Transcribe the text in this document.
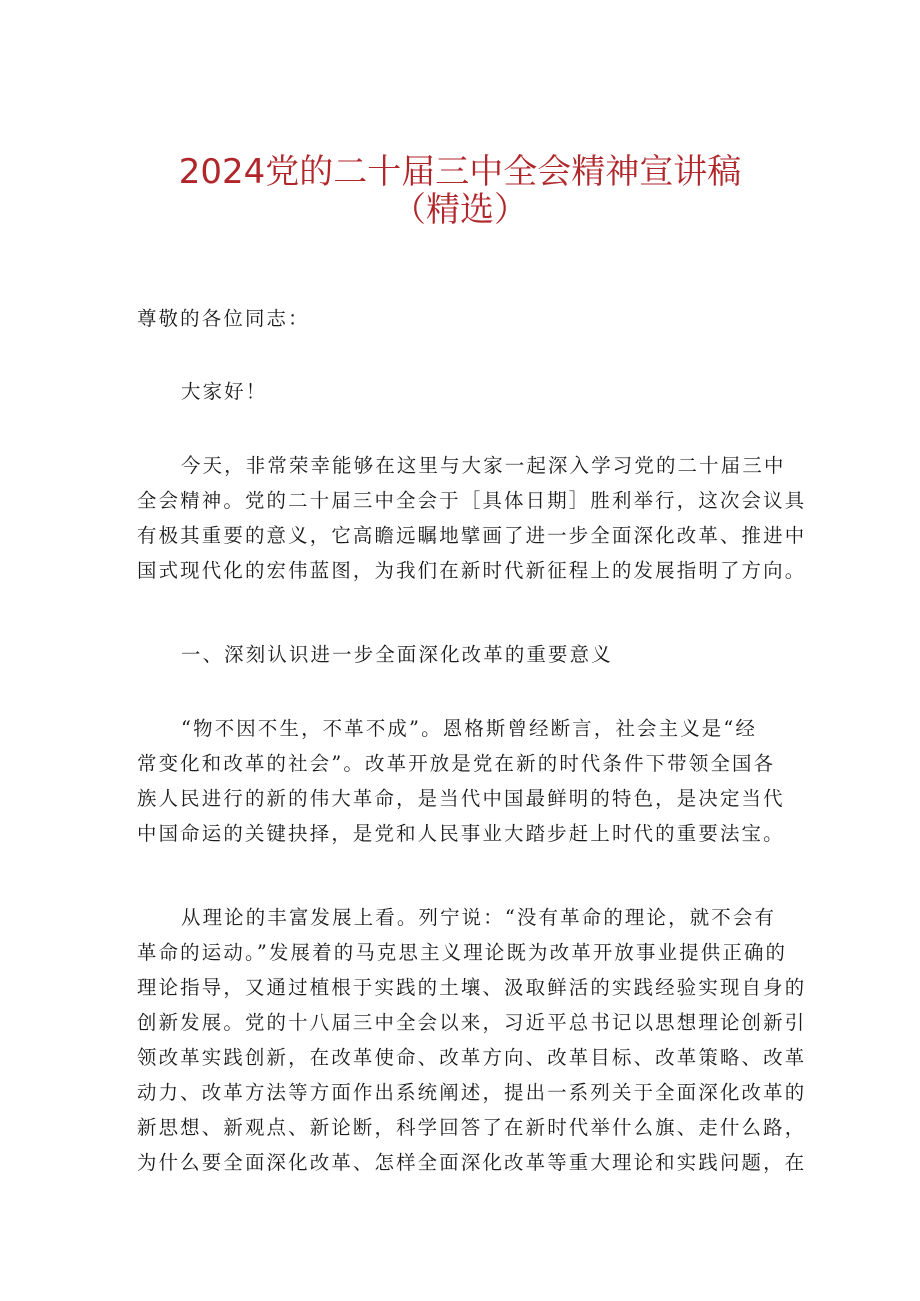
2024党的二十届三中全会精神宣讲稿
（精选）
尊敬的各位同志：
大家好！
今天，非常荣幸能够在这里与大家一起深入学习党的二十届三中
全会精神。党的二十届三中全会于［具体日期］胜利举行，这次会议具
有极其重要的意义，它高瞻远瞩地擘画了进一步全面深化改革、推进中
国式现代化的宏伟蓝图，为我们在新时代新征程上的发展指明了方向。
一、深刻认识进一步全面深化改革的重要意义
“物不因不生，不革不成”。恩格斯曾经断言，社会主义是“经
常变化和改革的社会”。改革开放是党在新的时代条件下带领全国各
族人民进行的新的伟大革命，是当代中国最鲜明的特色，是决定当代
中国命运的关键抉择，是党和人民事业大踏步赶上时代的重要法宝。
从理论的丰富发展上看。列宁说：“没有革命的理论，就不会有
革命的运动。”发展着的马克思主义理论既为改革开放事业提供正确的
理论指导，又通过植根于实践的土壤、汲取鲜活的实践经验实现自身的
创新发展。党的十八届三中全会以来，习近平总书记以思想理论创新引
领改革实践创新，在改革使命、改革方向、改革目标、改革策略、改革
动力、改革方法等方面作出系统阐述，提出一系列关于全面深化改革的
新思想、新观点、新论断，科学回答了在新时代举什么旗、走什么路，
为什么要全面深化改革、怎样全面深化改革等重大理论和实践问题，在
